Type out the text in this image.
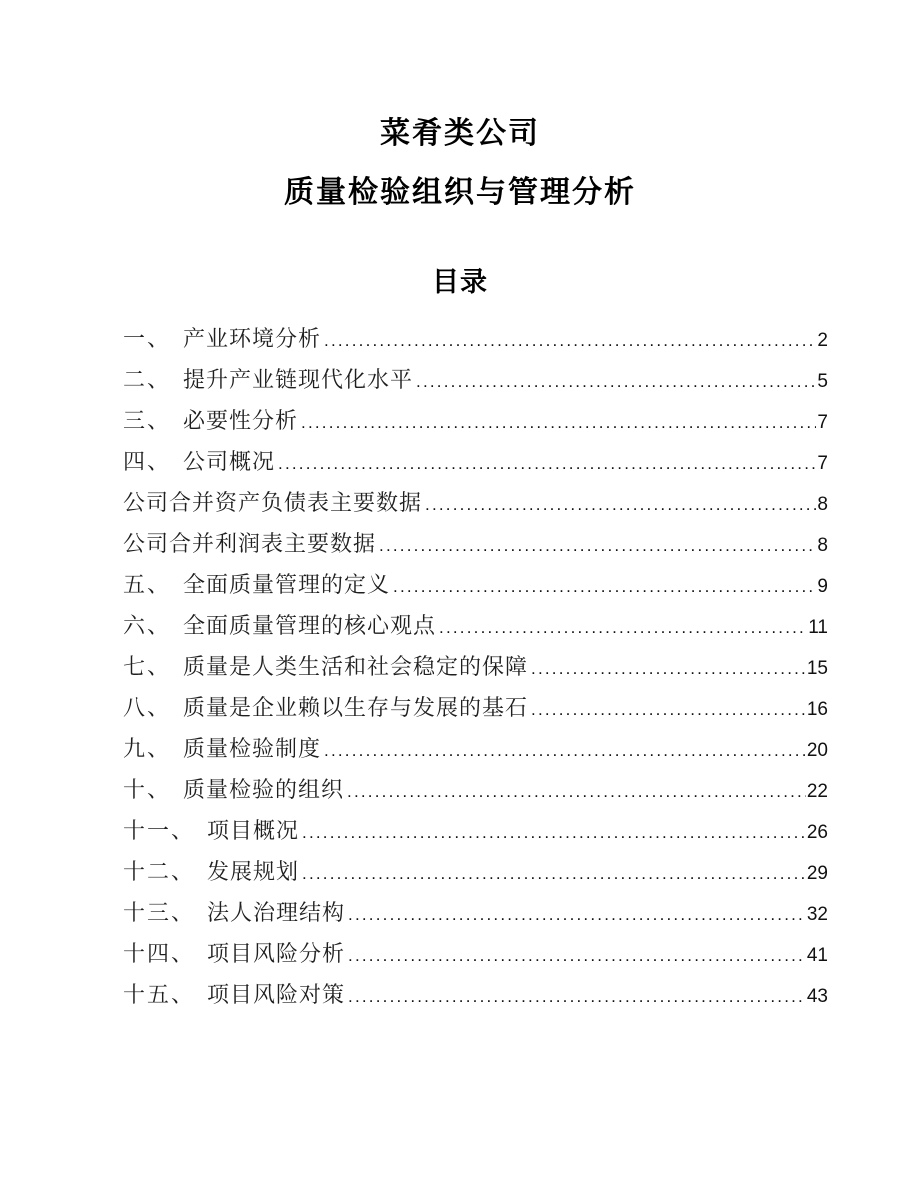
菜肴类公司
质量检验组织与管理分析
目录
一、 产业环境分析 .....	2
二、 提升产业链现代化水平 .....	5
三、 必要性分析 .....	7
四、 公司概况 .....	7
公司合并资产负债表主要数据 .....	8
公司合并利润表主要数据 .....	8
五、 全面质量管理的定义 .....	9
六、 全面质量管理的核心观点 .....	11
七、 质量是人类生活和社会稳定的保障 .....	15
八、 质量是企业赖以生存与发展的基石 .....	16
九、 质量检验制度 .....	20
十、 质量检验的组织 .....	22
十一、 项目概况 .....	26
十二、 发展规划 .....	29
十三、 法人治理结构 .....	32
十四、 项目风险分析 .....	41
十五、 项目风险对策 .....	43
